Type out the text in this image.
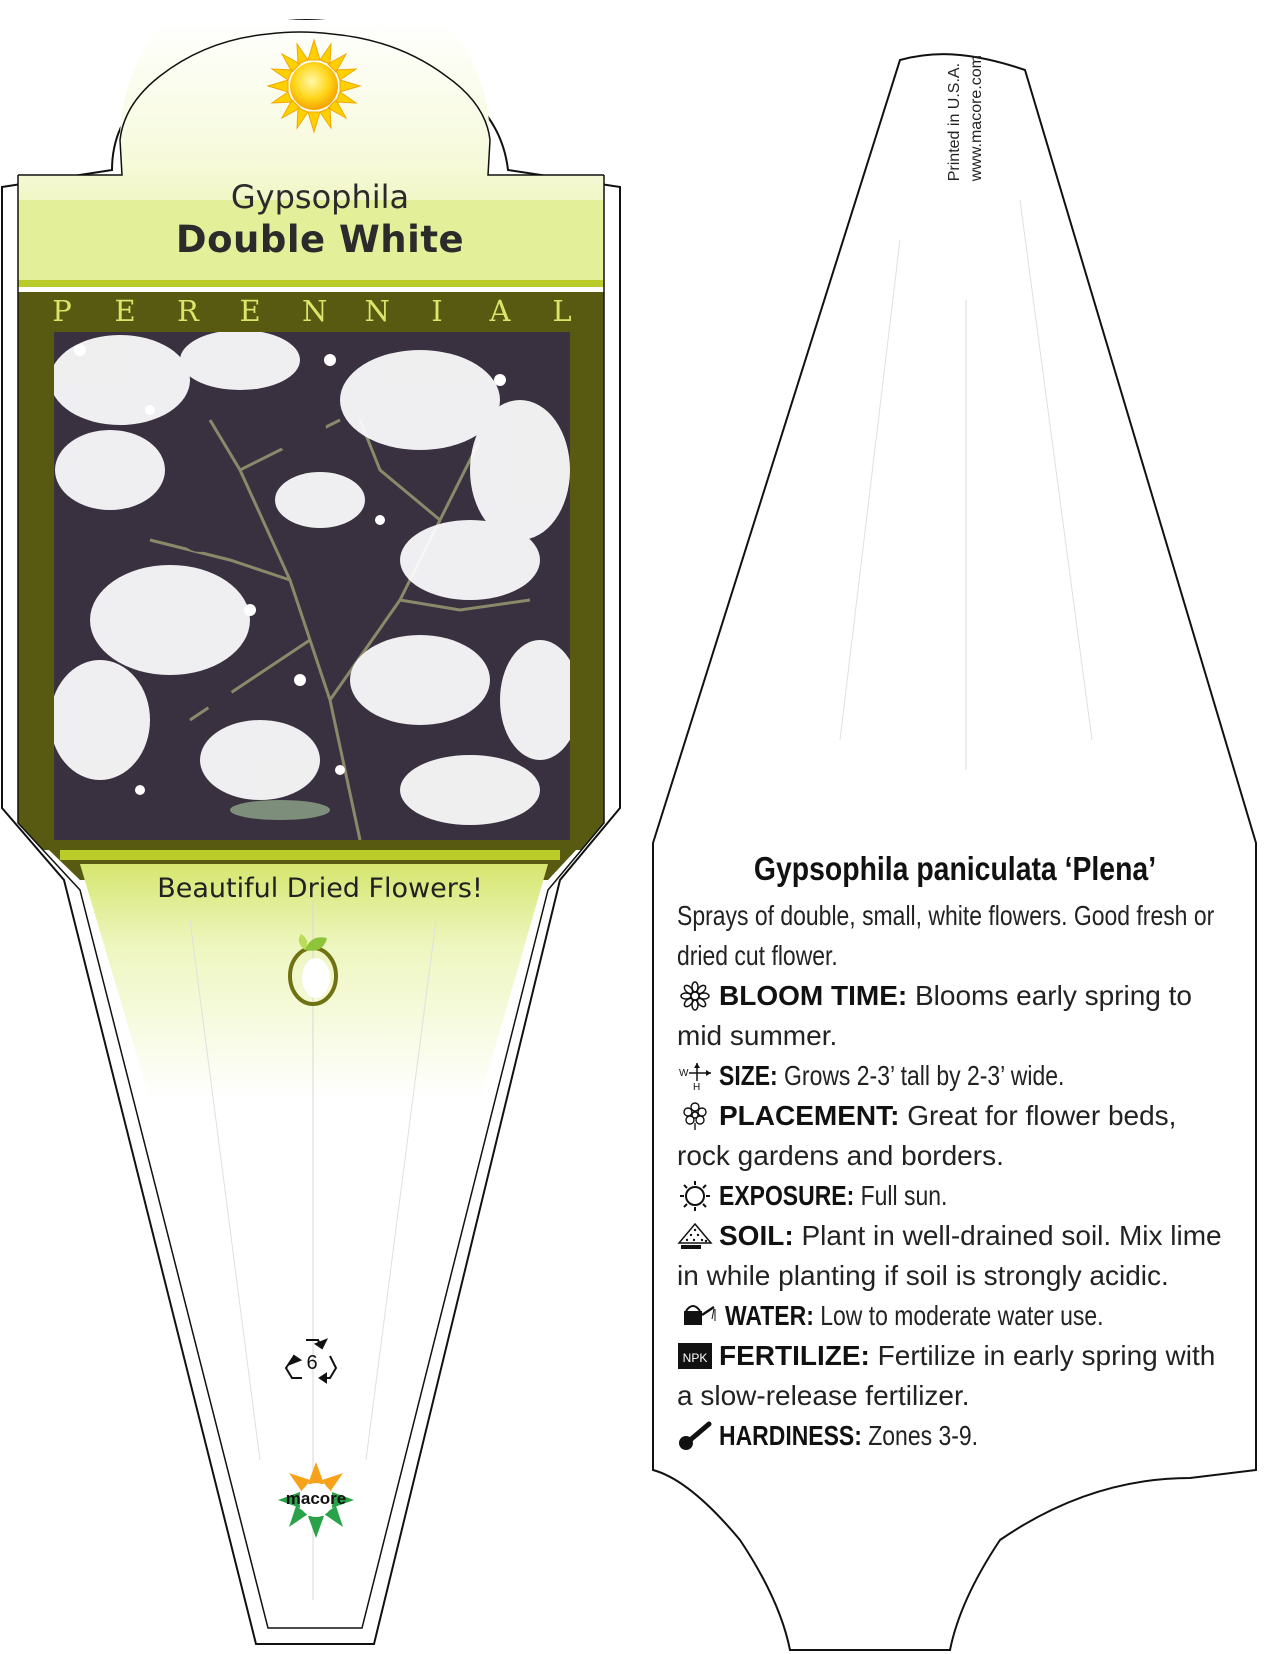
Gypsophila
Double White
P E R E N N I A L
Beautiful Dried Flowers!
6
macore
Printed in U.S.A. www.macore.com
Gypsophila paniculata ‘Plena’
Sprays of double, small, white flowers. Good fresh or dried cut flower.
BLOOM TIME: Blooms early spring to mid summer.
W
H SIZE: Grows 2-3’ tall by 2-3’ wide.
PLACEMENT: Great for flower beds, rock gardens and borders.
EXPOSURE: Full sun.
SOIL: Plant in well-drained soil. Mix lime in while planting if soil is strongly acidic.
WATER: Low to moderate water use.
NPK FERTILIZE: Fertilize in early spring with a slow-release fertilizer.
HARDINESS: Zones 3-9.
